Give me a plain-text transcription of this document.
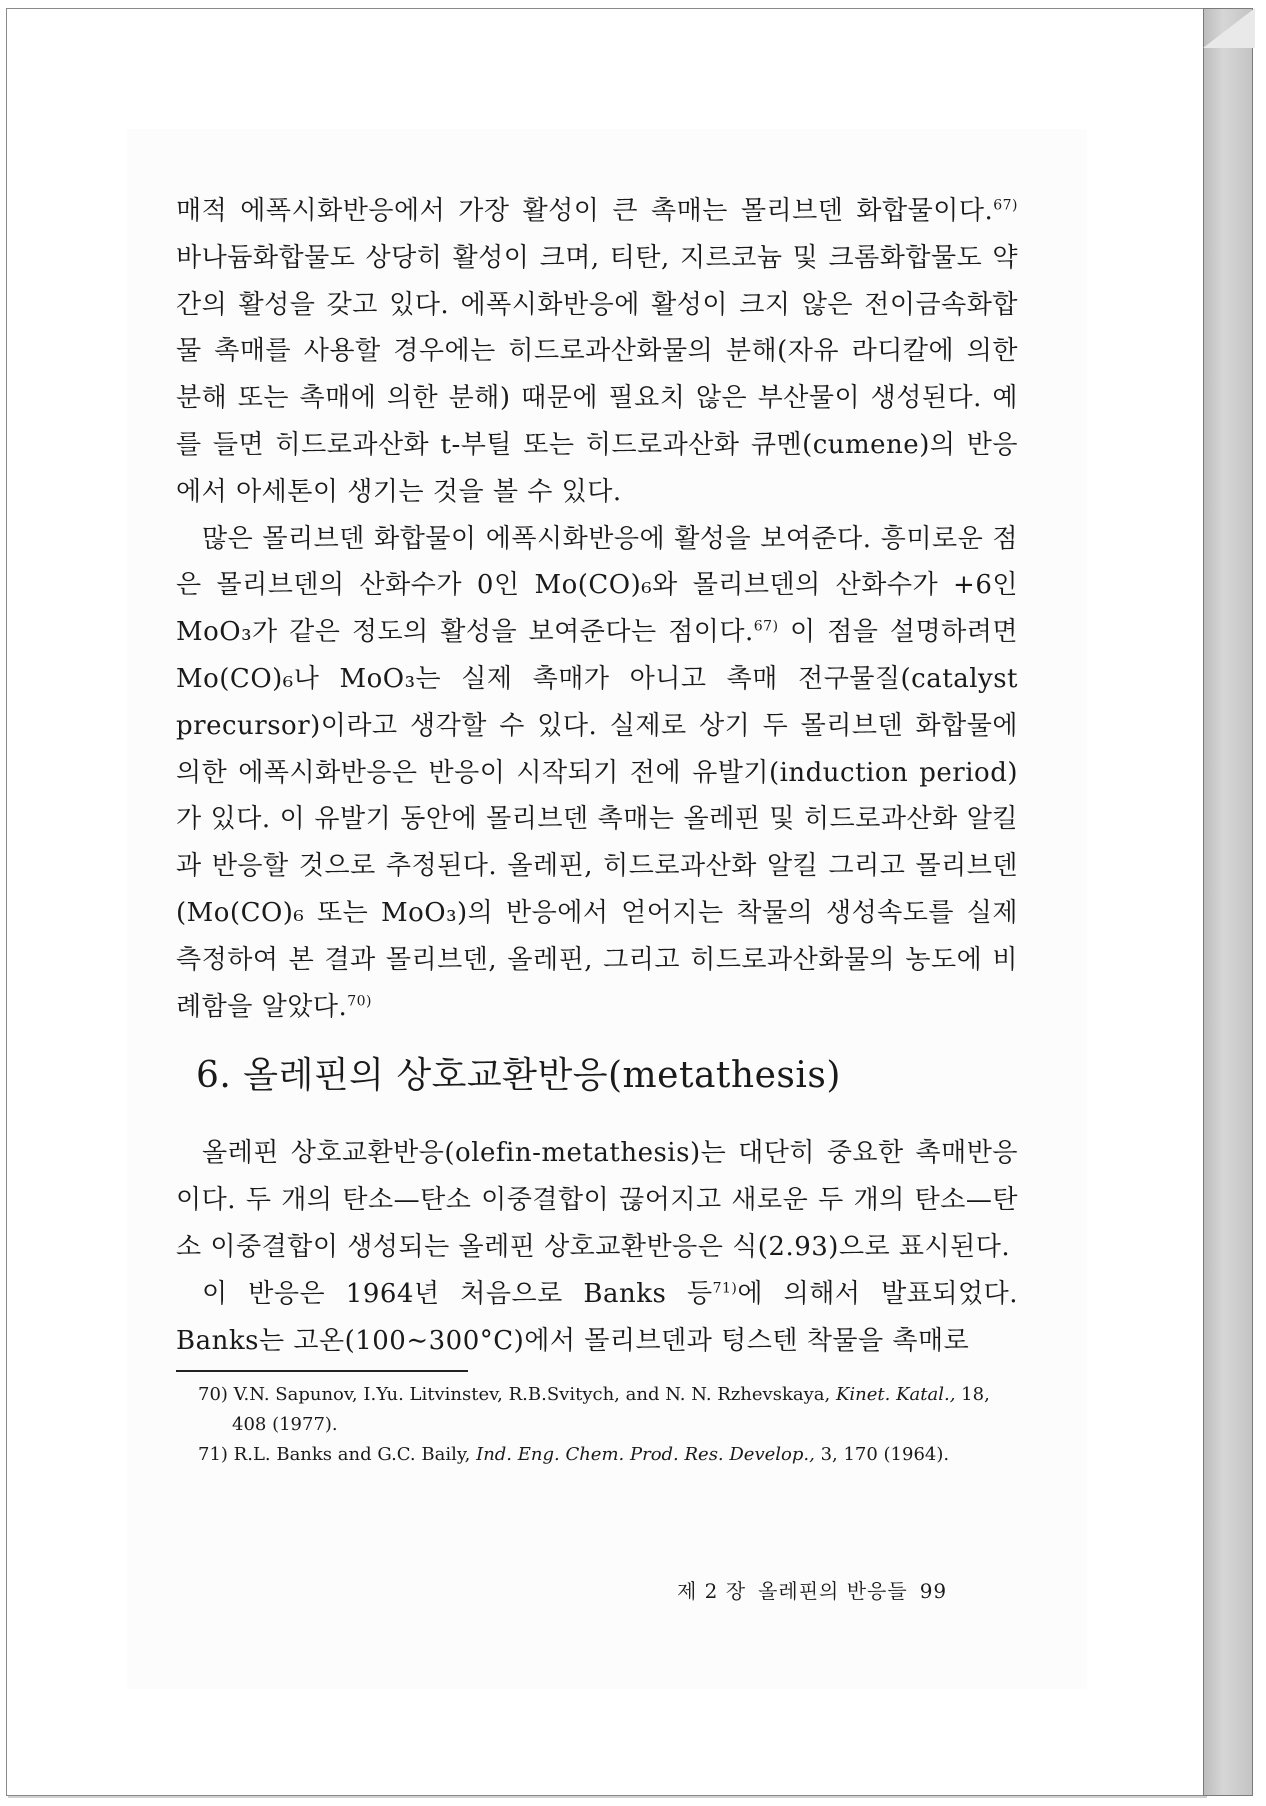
매적 에폭시화반응에서 가장 활성이 큰 촉매는 몰리브덴 화합물이다.$^{67)}$ 바나듐화합물도 상당히 활성이 크며, 티탄, 지르코늄 및 크롬화합물도 약간의 활성을 갖고 있다. 에폭시화반응에 활성이 크지 않은 전이금속화합물 촉매를 사용할 경우에는 히드로과산화물의 분해(자유 라디칼에 의한 분해 또는 촉매에 의한 분해) 때문에 필요치 않은 부산물이 생성된다. 예를 들면 히드로과산화 t-부틸 또는 히드로과산화 큐멘(cumene)의 반응에서 아세톤이 생기는 것을 볼 수 있다.

많은 몰리브덴 화합물이 에폭시화반응에 활성을 보여준다. 흥미로운 점은 몰리브덴의 산화수가 0인 Mo(CO)₆와 몰리브덴의 산화수가 +6인 MoO₃가 같은 정도의 활성을 보여준다는 점이다.$^{67)}$ 이 점을 설명하려면 Mo(CO)₆나 MoO₃는 실제 촉매가 아니고 촉매 전구물질(catalyst precursor)이라고 생각할 수 있다. 실제로 상기 두 몰리브덴 화합물에 의한 에폭시화반응은 반응이 시작되기 전에 유발기(induction period)가 있다. 이 유발기 동안에 몰리브덴 촉매는 올레핀 및 히드로과산화 알킬과 반응할 것으로 추정된다. 올레핀, 히드로과산화 알킬 그리고 몰리브덴(Mo(CO)₆ 또는 MoO₃)의 반응에서 얻어지는 착물의 생성속도를 실제 측정하여 본 결과 몰리브덴, 올레핀, 그리고 히드로과산화물의 농도에 비례함을 알았다.$^{70)}$

6. 올레핀의 상호교환반응(metathesis)

올레핀 상호교환반응(olefin-metathesis)는 대단히 중요한 촉매반응이다. 두 개의 탄소—탄소 이중결합이 끊어지고 새로운 두 개의 탄소—탄소 이중결합이 생성되는 올레핀 상호교환반응은 식(2.93)으로 표시된다.

이 반응은 1964년 처음으로 Banks 등$^{71)}$에 의해서 발표되었다. Banks는 고온(100∼300°C)에서 몰리브덴과 텅스텐 착물을 촉매로

70) V.N. Sapunov, I.Yu. Litvinstev, R.B.Svitych, and N. N. Rzhevskaya, Kinet. Katal., 18, 408 (1977).

71) R.L. Banks and G.C. Baily, Ind. Eng. Chem. Prod. Res. Develop., 3, 170 (1964).

제 2 장 올레핀의 반응들 99
